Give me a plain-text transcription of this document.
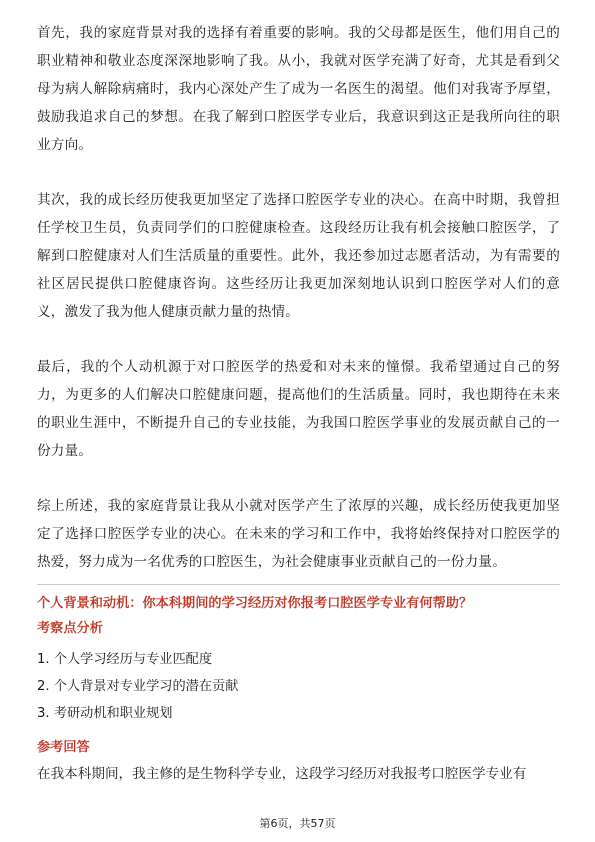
首先，我的家庭背景对我的选择有着重要的影响。我的父母都是医生，他们用自己的职业精神和敬业态度深深地影响了我。从小，我就对医学充满了好奇，尤其是看到父母为病人解除病痛时，我内心深处产生了成为一名医生的渴望。他们对我寄予厚望，鼓励我追求自己的梦想。在我了解到口腔医学专业后，我意识到这正是我所向往的职业方向。

其次，我的成长经历使我更加坚定了选择口腔医学专业的决心。在高中时期，我曾担任学校卫生员，负责同学们的口腔健康检查。这段经历让我有机会接触口腔医学，了解到口腔健康对人们生活质量的重要性。此外，我还参加过志愿者活动，为有需要的社区居民提供口腔健康咨询。这些经历让我更加深刻地认识到口腔医学对人们的意义，激发了我为他人健康贡献力量的热情。

最后，我的个人动机源于对口腔医学的热爱和对未来的憧憬。我希望通过自己的努力，为更多的人们解决口腔健康问题，提高他们的生活质量。同时，我也期待在未来的职业生涯中，不断提升自己的专业技能，为我国口腔医学事业的发展贡献自己的一份力量。

综上所述，我的家庭背景让我从小就对医学产生了浓厚的兴趣，成长经历使我更加坚定了选择口腔医学专业的决心。在未来的学习和工作中，我将始终保持对口腔医学的热爱，努力成为一名优秀的口腔医生，为社会健康事业贡献自己的一份力量。

个人背景和动机：你本科期间的学习经历对你报考口腔医学专业有何帮助？

考察点分析

1. 个人学习经历与专业匹配度
2. 个人背景对专业学习的潜在贡献
3. 考研动机和职业规划

参考回答

在我本科期间，我主修的是生物科学专业，这段学习经历对我报考口腔医学专业有

第6页，共57页
